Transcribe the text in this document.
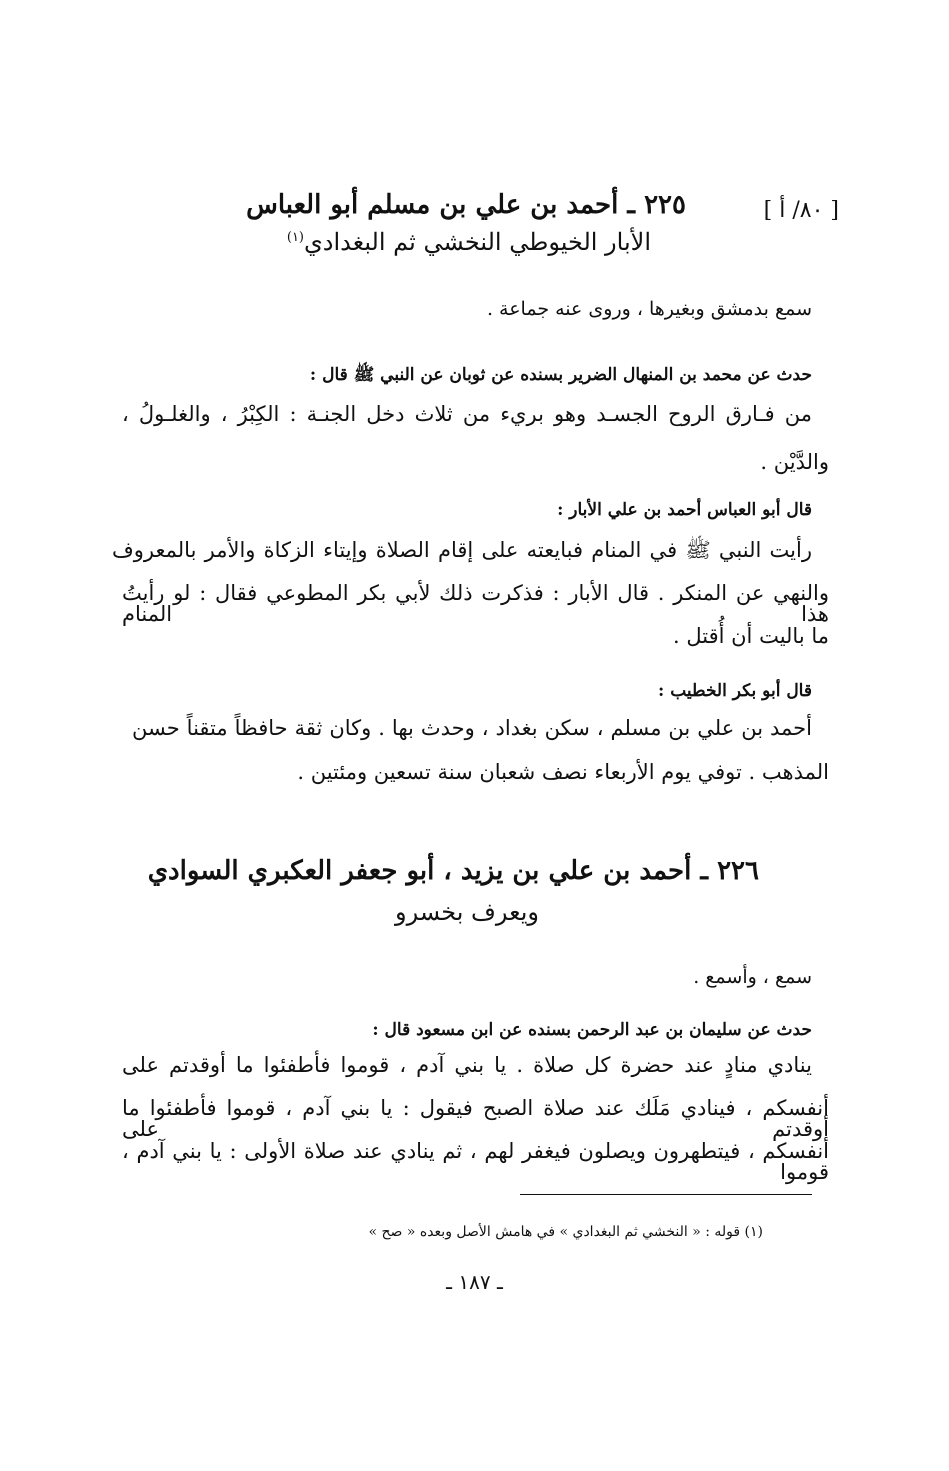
[ ٨٠/ أ ]
٢٢٥ ـ أحمد بن علي بن مسلم أبو العباس
الأبار الخيوطي النخشي ثم البغدادي$^{(١)}$
سمع بدمشق وبغيرها ، وروى عنه جماعة .
حدث عن محمد بن المنهال الضرير بسنده عن ثوبان عن النبي ﷺ قال :
من فـارق الروح الجسـد وهو بريء من ثلاث دخل الجنـة : الكِبْرُ ، والغلـولُ ،
والدَّيْن .
قال أبو العباس أحمد بن علي الأبار :
رأيت النبي ﷺ في المنام فبايعته على إقام الصلاة وإيتاء الزكاة والأمر بالمعروف
والنهي عن المنكر . قال الأبار : فذكرت ذلك لأبي بكر المطوعي فقال : لو رأيتُ هذا المنام
ما باليت أن أُقتل .
قال أبو بكر الخطيب :
أحمد بن علي بن مسلم ، سكن بغداد ، وحدث بها . وكان ثقة حافظاً متقناً حسن
المذهب . توفي يوم الأربعاء نصف شعبان سنة تسعين ومئتين .
٢٢٦ ـ أحمد بن علي بن يزيد ، أبو جعفر العكبري السوادي
ويعرف بخسرو
سمع ، وأسمع .
حدث عن سليمان بن عبد الرحمن بسنده عن ابن مسعود قال :
ينادي منادٍ عند حضرة كل صلاة . يا بني آدم ، قوموا فأطفئوا ما أوقدتم على
أنفسكم ، فينادي مَلَك عند صلاة الصبح فيقول : يا بني آدم ، قوموا فأطفئوا ما أوقدتم على
أنفسكم ، فيتطهرون ويصلون فيغفر لهم ، ثم ينادي عند صلاة الأولى : يا بني آدم ، قوموا
(١) قوله : « النخشي ثم البغدادي » في هامش الأصل وبعده « صح »
ـ ١٨٧ ـ
